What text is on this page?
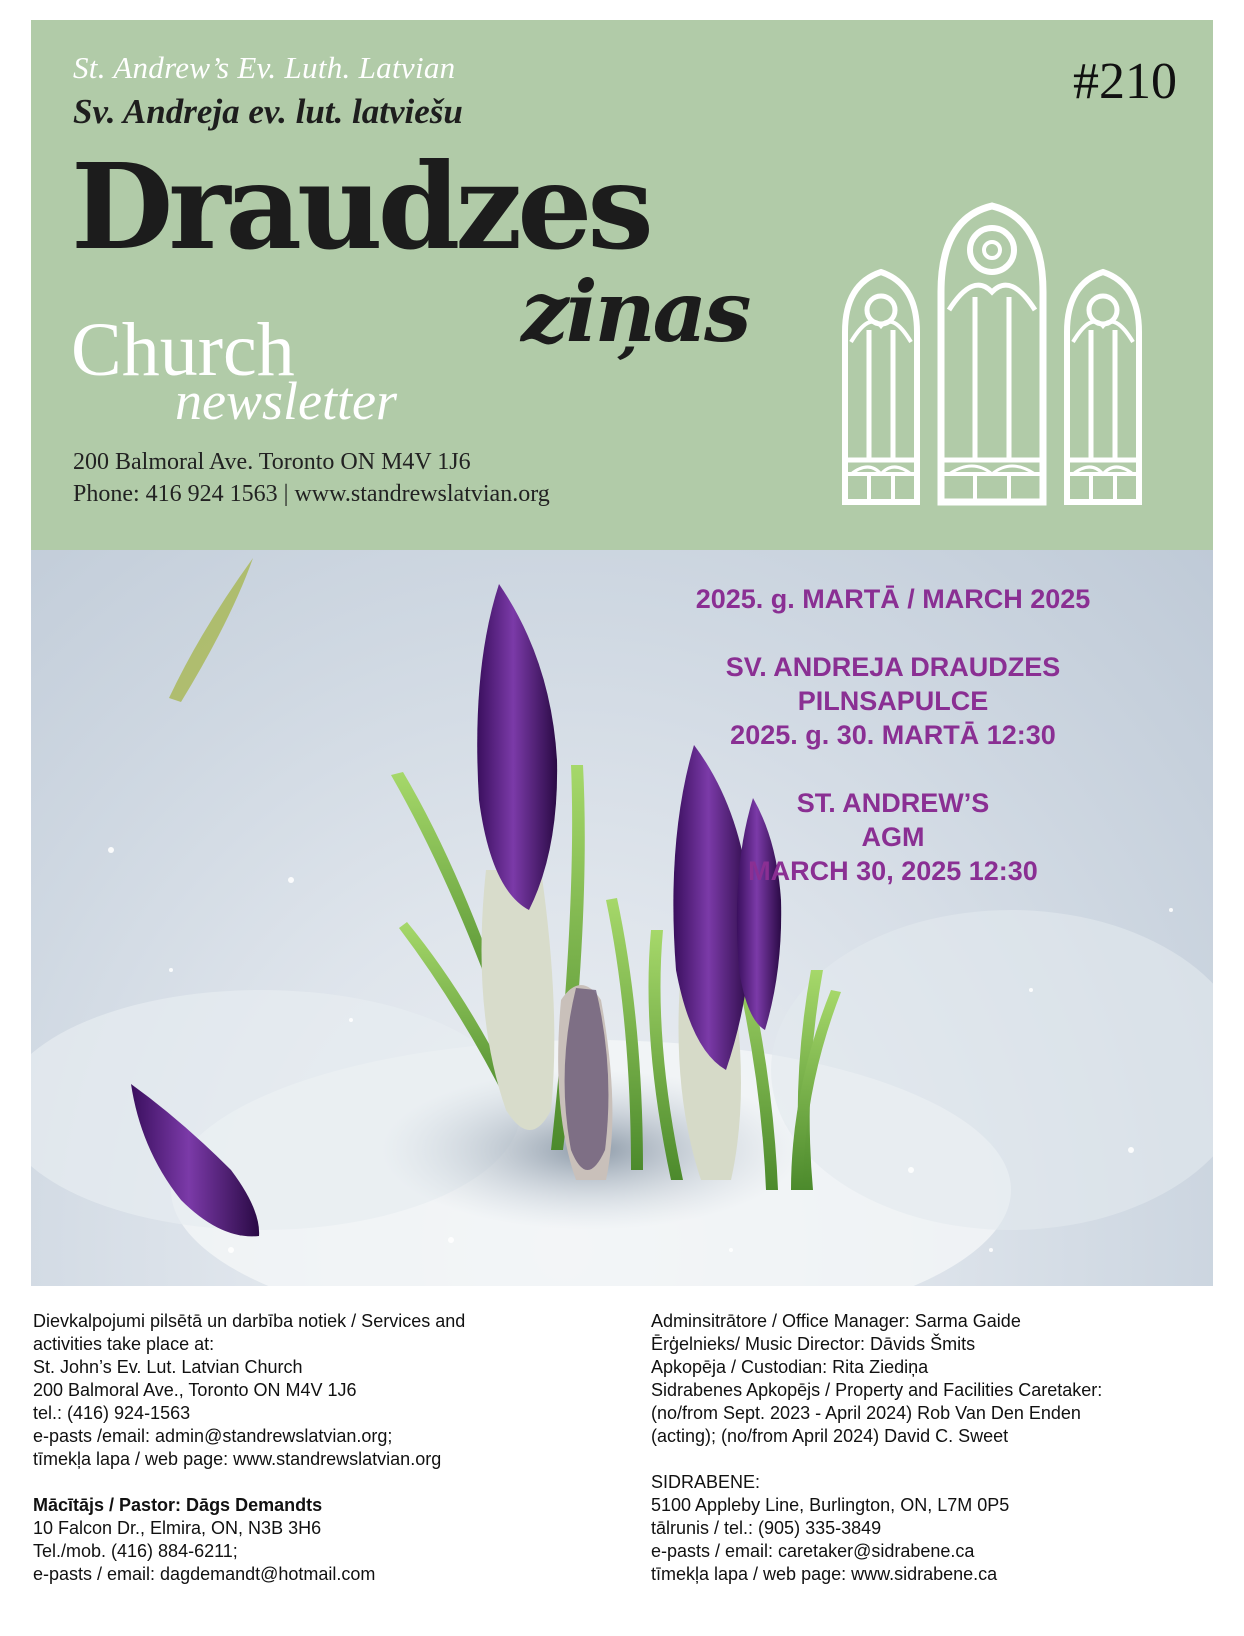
St. Andrew’s Ev. Luth. Latvian
Sv. Andreja ev. lut. latviešu
#210
Draudzes
ziņas
Church
newsletter
200 Balmoral Ave. Toronto ON M4V 1J6
Phone: 416 924 1563 | www.standrewslatvian.org
2025. g. MARTĀ / MARCH 2025
SV. ANDREJA DRAUDZES
PILNSAPULCE
2025. g. 30. MARTĀ 12:30
ST. ANDREW’S
AGM
MARCH 30, 2025 12:30
Dievkalpojumi pilsētā un darbība notiek / Services and
activities take place at:
St. John’s Ev. Lut. Latvian Church
200 Balmoral Ave., Toronto ON M4V 1J6
tel.: (416) 924-1563
e-pasts /email: admin@standrewslatvian.org;
tīmekļa lapa / web page: www.standrewslatvian.org
Mācītājs / Pastor: Dāgs Demandts
10 Falcon Dr., Elmira, ON, N3B 3H6
Tel./mob. (416) 884-6211;
e-pasts / email: dagdemandt@hotmail.com
Adminsitrātore / Office Manager: Sarma Gaide
Ērģelnieks/ Music Director: Dāvids Šmits
Apkopēja / Custodian: Rita Ziediņa
Sidrabenes Apkopējs / Property and Facilities Caretaker:
(no/from Sept. 2023 - April 2024) Rob Van Den Enden
(acting); (no/from April 2024) David C. Sweet
SIDRABENE:
5100 Appleby Line, Burlington, ON, L7M 0P5
tālrunis / tel.: (905) 335-3849
e-pasts / email: caretaker@sidrabene.ca
tīmekļa lapa / web page: www.sidrabene.ca
